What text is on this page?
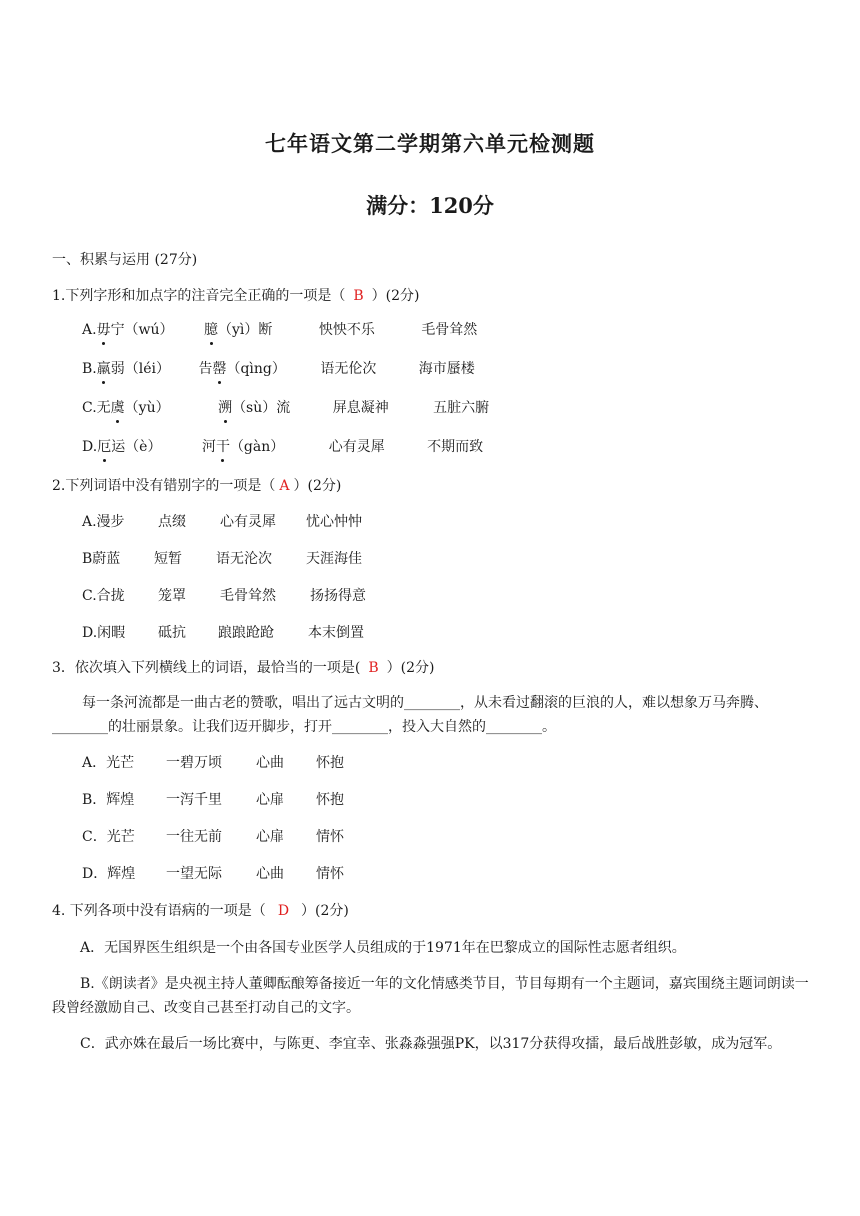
七年语文第二学期第六单元检测题
满分：120分
一、积累与运用 (27分)
1.下列字形和加点字的注音完全正确的一项是（ B ）(2分)
A.毋宁（wú） 臆（yì）断	怏怏不乐	毛骨耸然
B.羸弱（léi） 告罄（qìng） 语无伦次	海市蜃楼
C.无虞（yù）	溯（sù）流	屏息凝神	五脏六腑
D.厄运（è）	河干（gàn）	心有灵犀	不期而致
2.下列词语中没有错别字的一项是（ A ）(2分)
A.漫步 点缀 心有灵犀 忧心忡忡
B蔚蓝 短暂 语无沦次 天涯海佳
C.合拢 笼罩 毛骨耸然 扬扬得意
D.闲暇 砥抗 踉踉跄跄 本末倒置
3．依次填入下列横线上的词语，最恰当的一项是( B ）(2分)
每一条河流都是一曲古老的赞歌，唱出了远古文明的________，从未看过翻滚的巨浪的人，难以想象万马奔腾、
________的壮丽景象。让我们迈开脚步，打开________，投入大自然的________。
A．光芒 一碧万顷 心曲 怀抱
B．辉煌 一泻千里 心扉 怀抱
C．光芒 一往无前 心扉 情怀
D．辉煌 一望无际 心曲 情怀
4. 下列各项中没有语病的一项是（ D ）(2分)
A．无国界医生组织是一个由各国专业医学人员组成的于1971年在巴黎成立的国际性志愿者组织。
B.《朗读者》是央视主持人董卿酝酿筹备接近一年的文化情感类节目，节目每期有一个主题词，嘉宾围绕主题词朗读一段曾经激励自己、改变自己甚至打动自己的文字。
C．武亦姝在最后一场比赛中，与陈更、李宜幸、张淼淼强强PK，以317分获得攻擂，最后战胜彭敏，成为冠军。
